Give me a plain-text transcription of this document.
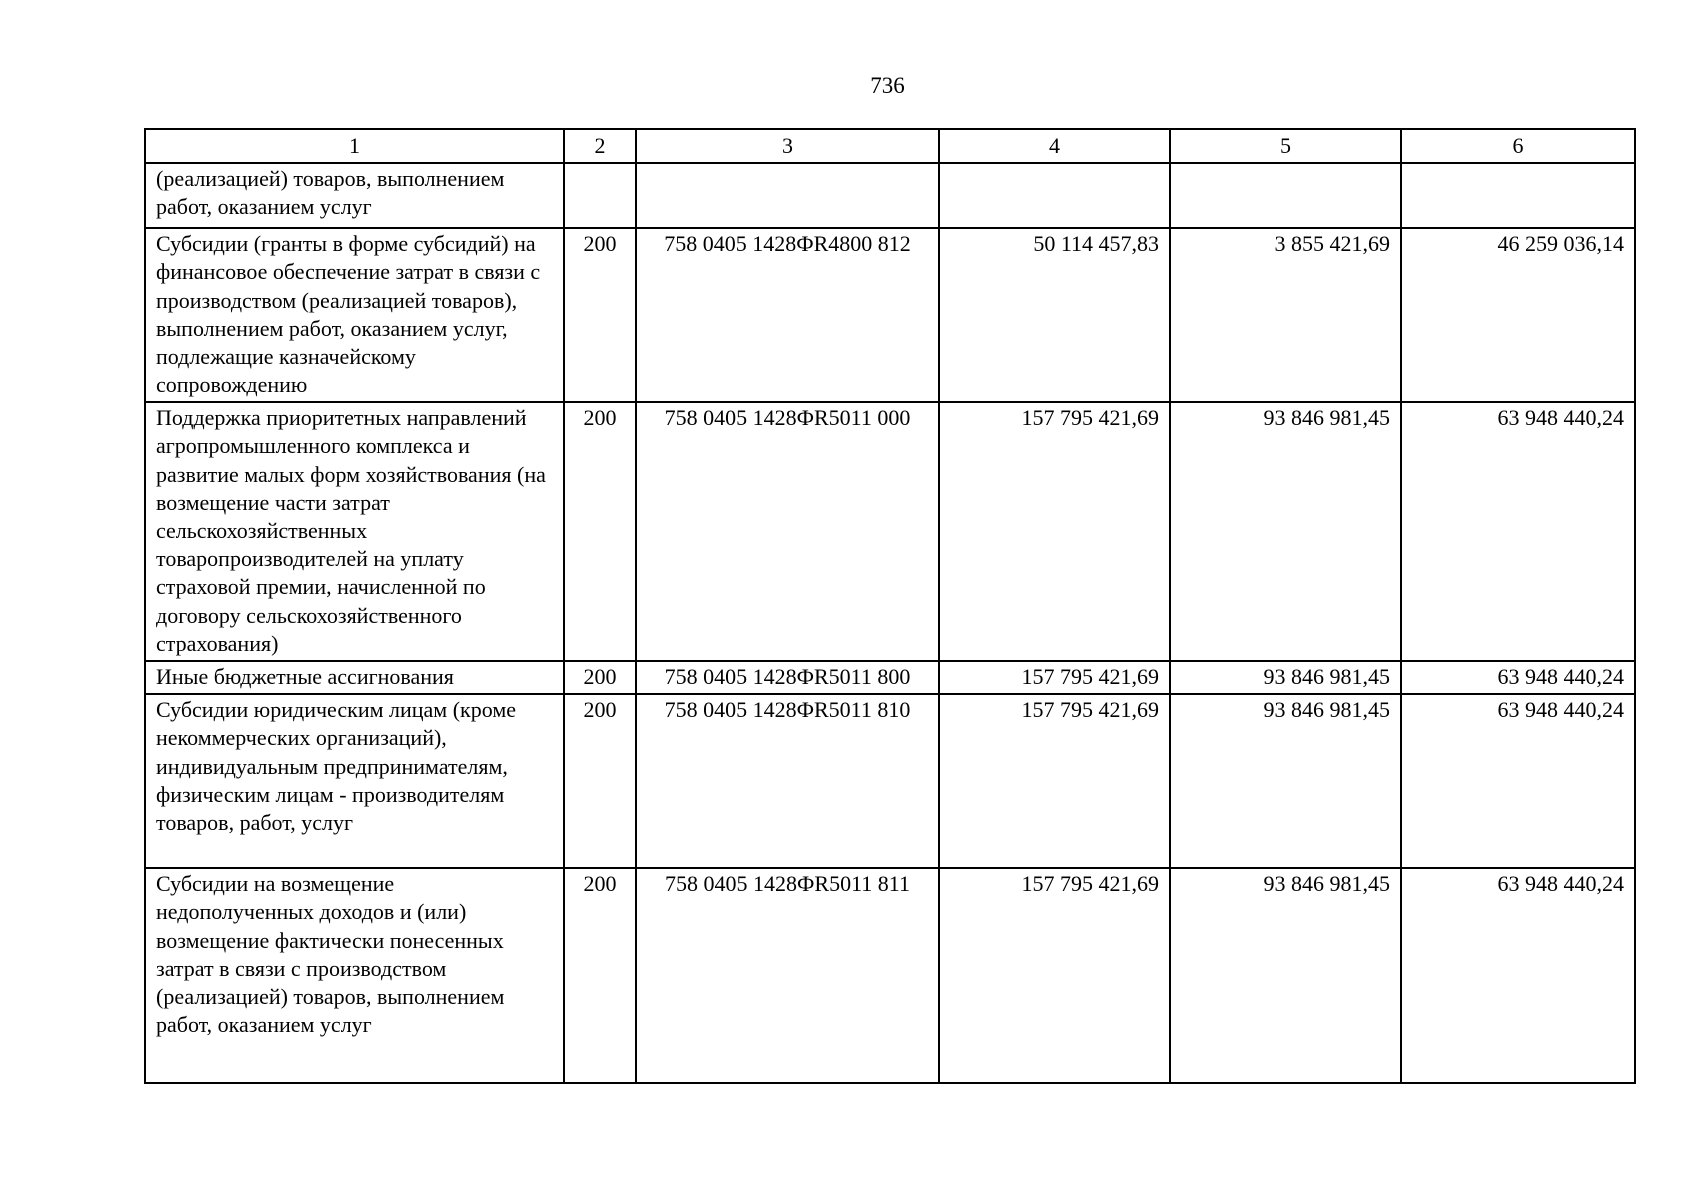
736
1	2	3	4	5	6
(реализацией) товаров, выполнением работ, оказанием услуг					
Субсидии (гранты в форме субсидий) на финансовое обеспечение затрат в связи с производством (реализацией товаров), выполнением работ, оказанием услуг, подлежащие казначейскому сопровождению	200	758 0405 1428ФR4800 812	50 114 457,83	3 855 421,69	46 259 036,14
Поддержка приоритетных направлений агропромышленного комплекса и развитие малых форм хозяйствования (на возмещение части затрат сельскохозяйственных товаропроизводителей на уплату страховой премии, начисленной по договору сельскохозяйственного страхования)	200	758 0405 1428ФR5011 000	157 795 421,69	93 846 981,45	63 948 440,24
Иные бюджетные ассигнования	200	758 0405 1428ФR5011 800	157 795 421,69	93 846 981,45	63 948 440,24
Субсидии юридическим лицам (кроме некоммерческих организаций), индивидуальным предпринимателям, физическим лицам - производителям товаров, работ, услуг	200	758 0405 1428ФR5011 810	157 795 421,69	93 846 981,45	63 948 440,24
Субсидии на возмещение недополученных доходов и (или) возмещение фактически понесенных затрат в связи с производством (реализацией) товаров, выполнением работ, оказанием услуг	200	758 0405 1428ФR5011 811	157 795 421,69	93 846 981,45	63 948 440,24
